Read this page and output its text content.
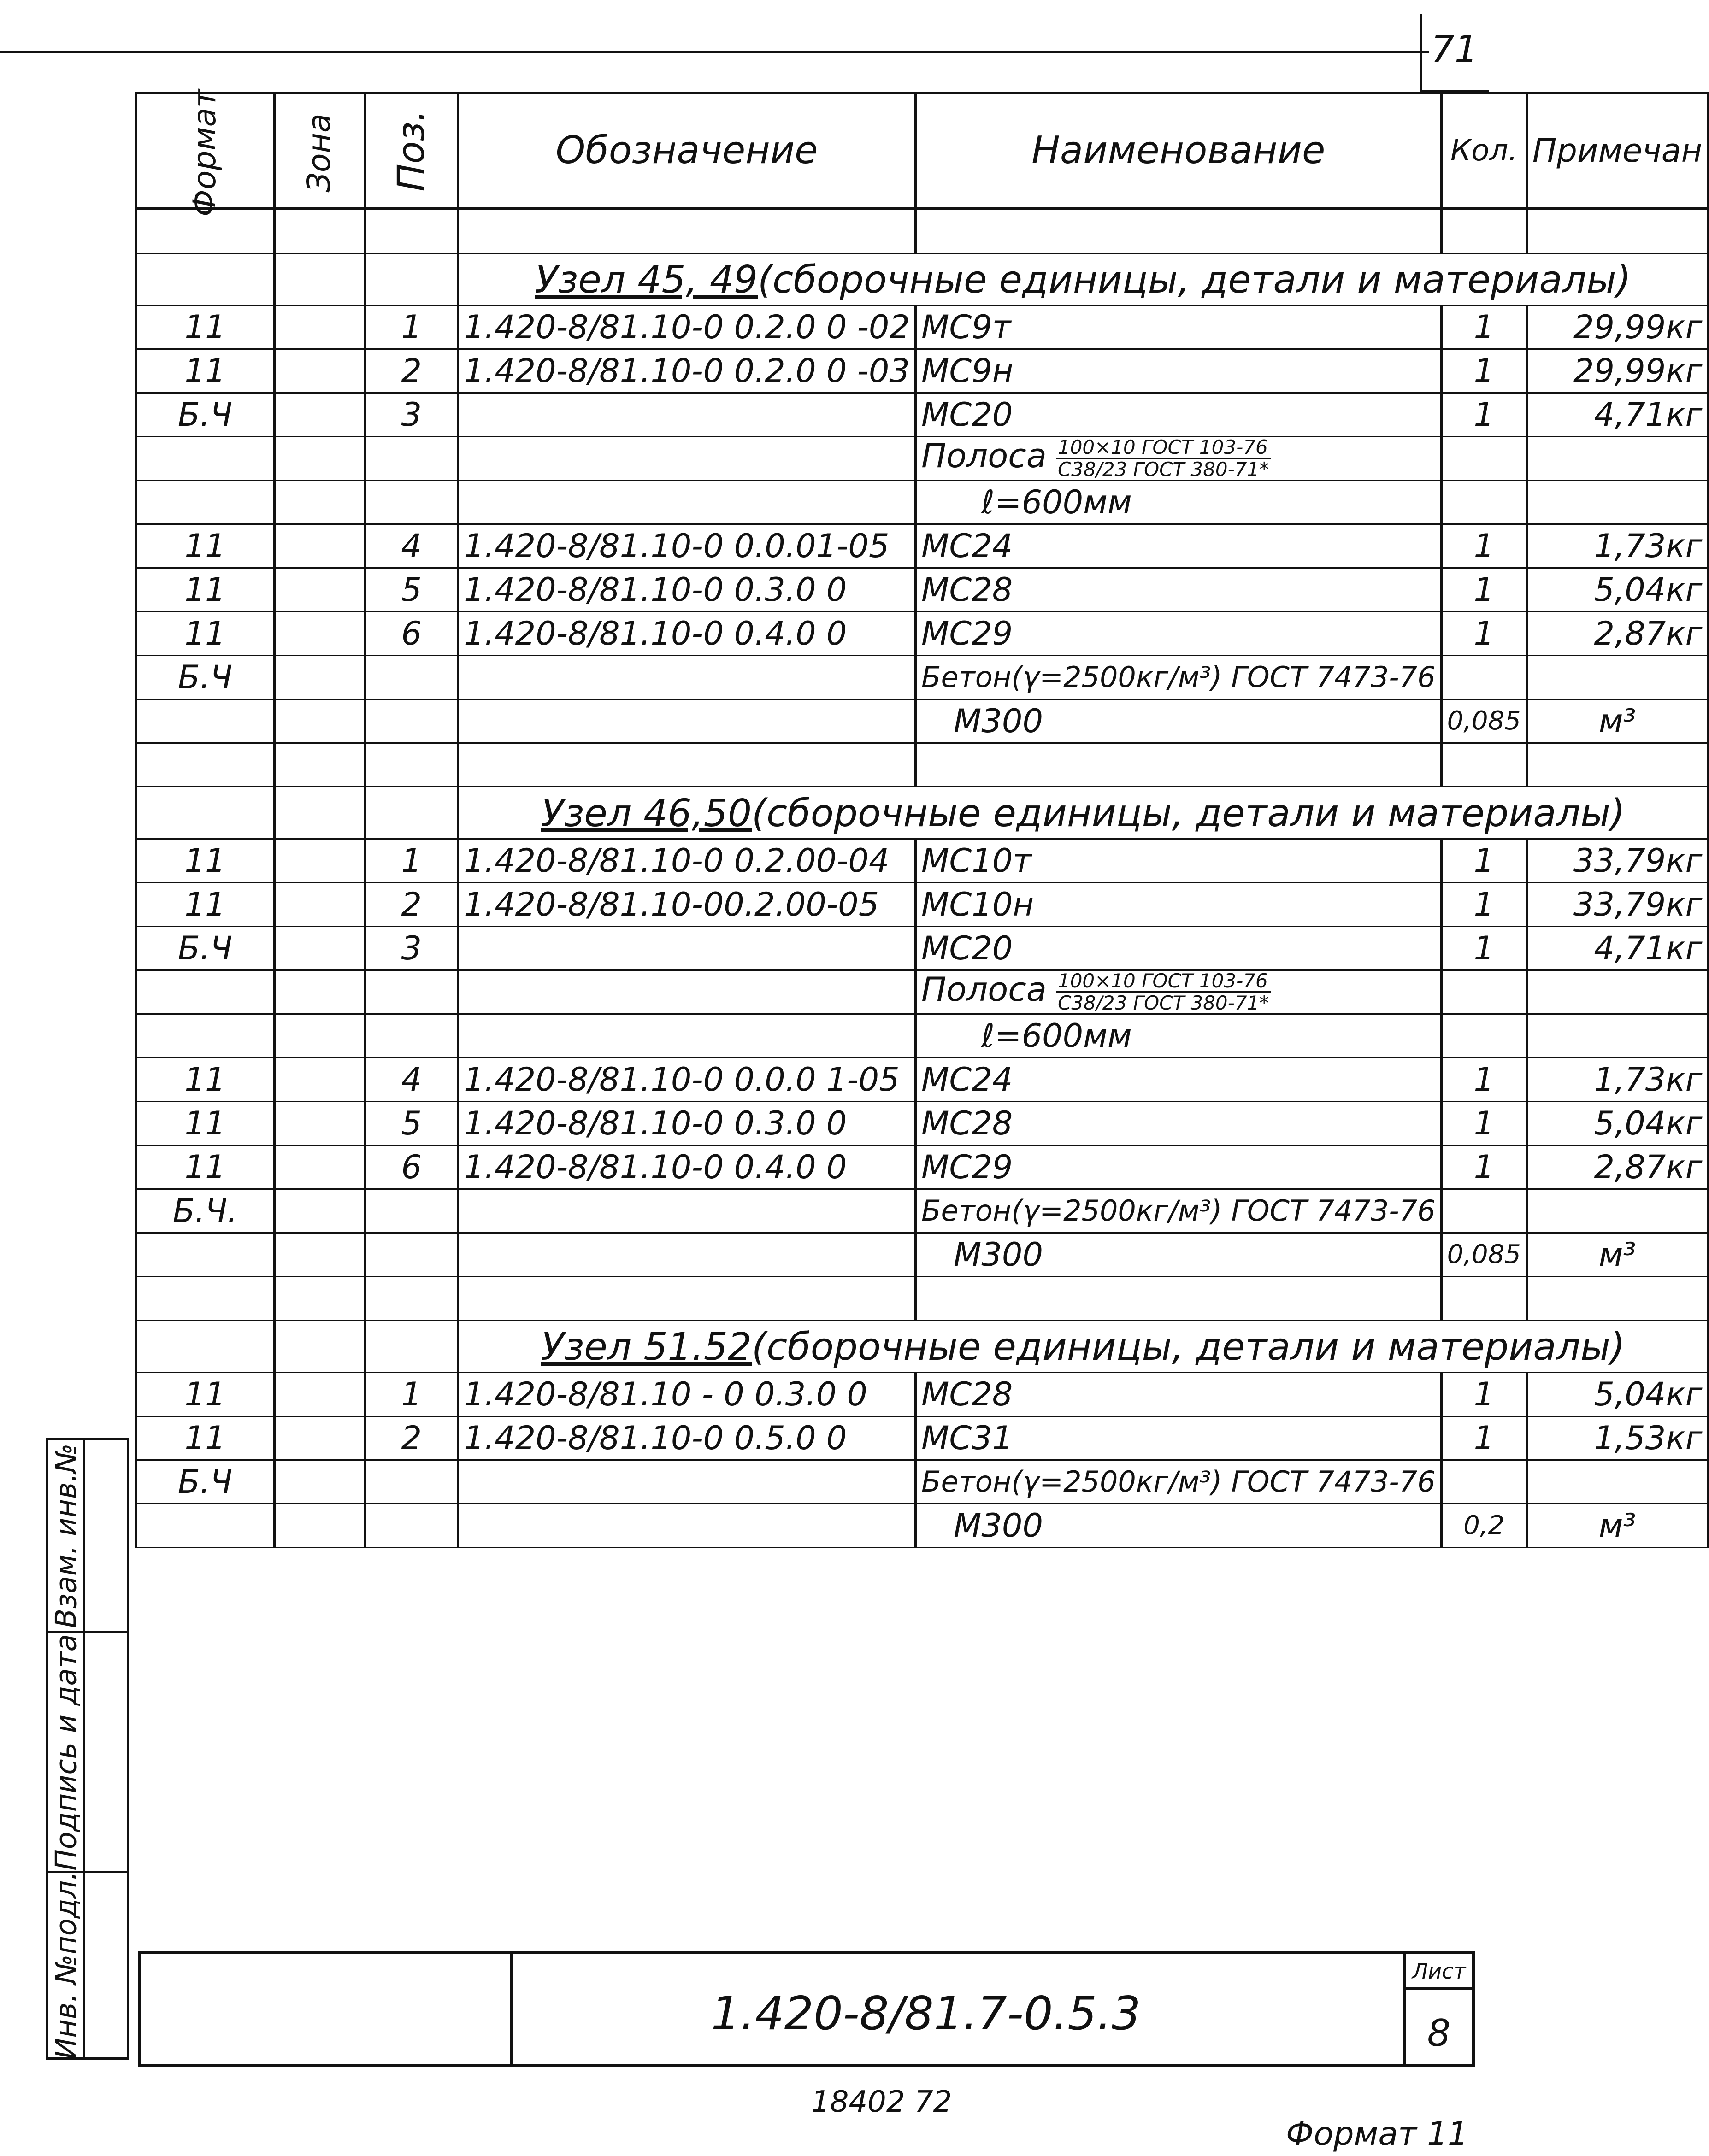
71
Формат	Зона	Поз.	Обозначение	Наименование	Кол.	Примечан

			Узел 45, 49(сборочные единицы, детали и материалы)			

11		1	1.420-8/81.10-0 0.2.0 0 -02	МС9т	1	29,99кг
11		2	1.420-8/81.10-0 0.2.0 0 -03	МС9н	1	29,99кг
Б.Ч		3		МС20	1	4,71кг
				Полоса $\frac{\text{100×10 ГОСТ 103-76}}{\text{С38/23 ГОСТ 380-71*}}$

				ℓ=600мм		
11		4	1.420-8/81.10-0 0.0.01-05	МС24	1	1,73кг
11		5	1.420-8/81.10-0 0.3.0 0	МС28	1	5,04кг
11		6	1.420-8/81.10-0 0.4.0 0	МС29	1	2,87кг
Б.Ч				Бетон(γ=2500кг/м³) ГОСТ 7473-76		
				М300	0,085	м³

			Узел 46,50(сборочные единицы, детали и материалы)			

11		1	1.420-8/81.10-0 0.2.00-04	МС10т	1	33,79кг
11		2	1.420-8/81.10-00.2.00-05	МС10н	1	33,79кг
Б.Ч		3		МС20	1	4,71кг
				Полоса $\frac{\text{100×10 ГОСТ 103-76}}{\text{С38/23 ГОСТ 380-71*}}$

				ℓ=600мм		
11		4	1.420-8/81.10-0 0.0.0 1-05	МС24	1	1,73кг
11		5	1.420-8/81.10-0 0.3.0 0	МС28	1	5,04кг
11		6	1.420-8/81.10-0 0.4.0 0	МС29	1	2,87кг
Б.Ч.				Бетон(γ=2500кг/м³) ГОСТ 7473-76		
				М300	0,085	м³

			Узел 51.52(сборочные единицы, детали и материалы)			

11		1	1.420-8/81.10 - 0 0.3.0 0	МС28	1	5,04кг
11		2	1.420-8/81.10-0 0.5.0 0	МС31	1	1,53кг
Б.Ч				Бетон(γ=2500кг/м³) ГОСТ 7473-76		
				М300	0,2	м³
Взам. инв.№
Подпись и дата
Инв. №подл.	1.420-8/81.7-0.5.3
Лист
8
18402 72
Формат 11
